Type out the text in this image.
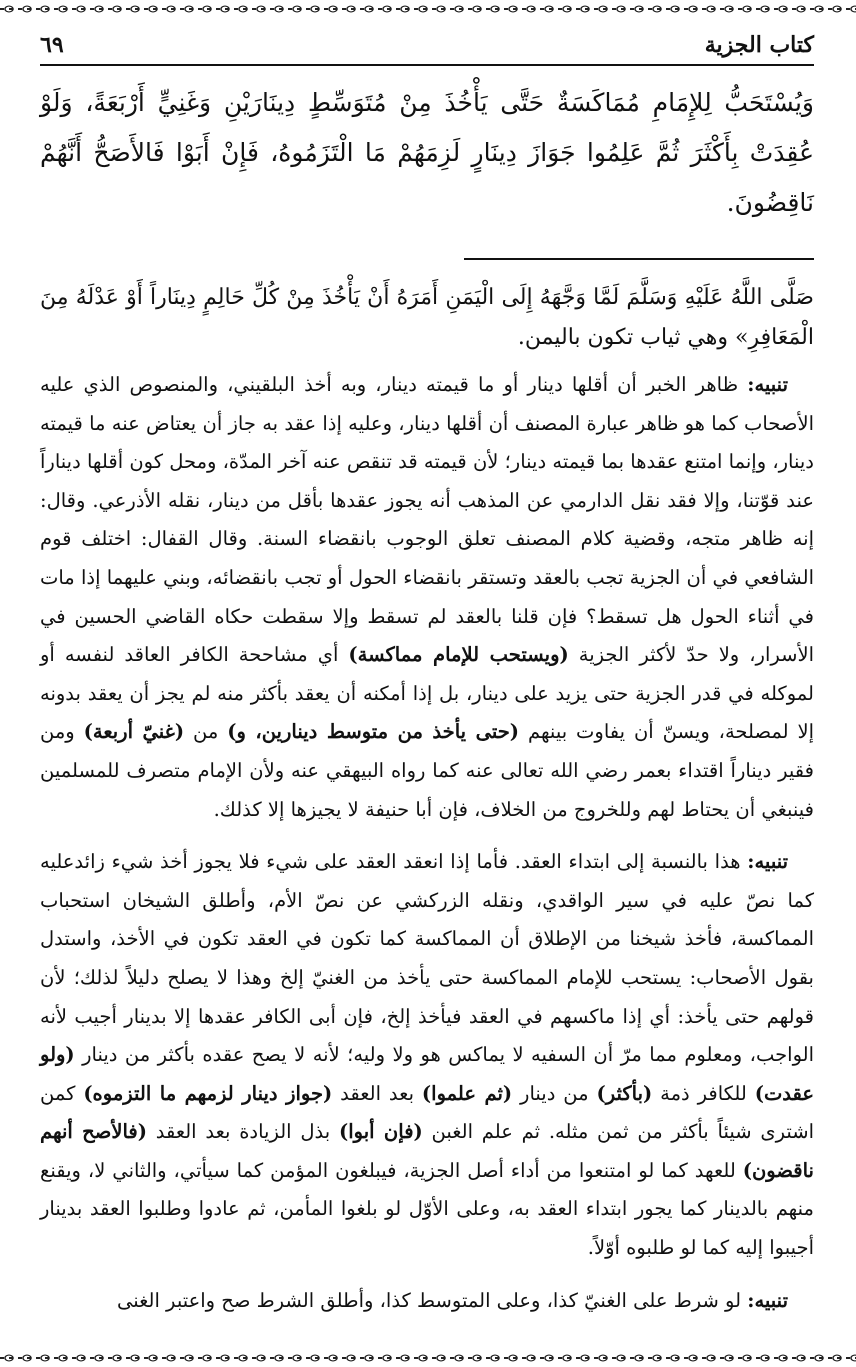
كتاب الجزية
٦٩

وَيُسْتَحَبُّ لِلإِمَامِ مُمَاكَسَةٌ حَتَّى يَأْخُذَ مِنْ مُتَوَسِّطٍ دِينَارَيْنِ وَغَنِيٍّ أَرْبَعَةً، وَلَوْ عُقِدَتْ بِأَكْثَرَ ثُمَّ عَلِمُوا جَوَازَ دِينَارٍ لَزِمَهُمْ مَا الْتَزَمُوهُ، فَإِنْ أَبَوْا فَالأَصَحُّ أَنَّهُمْ نَاقِضُونَ.

صَلَّى اللَّهُ عَلَيْهِ وَسَلَّمَ لَمَّا وَجَّهَهُ إِلَى الْيَمَنِ أَمَرَهُ أَنْ يَأْخُذَ مِنْ كُلِّ حَالِمٍ دِينَاراً أَوْ عَدْلَهُ مِنَ الْمَعَافِرِ» وهي ثياب تكون باليمن.

تنبيه: ظاهر الخبر أن أقلها دينار أو ما قيمته دينار، وبه أخذ البلقيني، والمنصوص الذي عليه الأصحاب كما هو ظاهر عبارة المصنف أن أقلها دينار، وعليه إذا عقد به جاز أن يعتاض عنه ما قيمته دينار، وإنما امتنع عقدها بما قيمته دينار؛ لأن قيمته قد تنقص عنه آخر المدّة، ومحل كون أقلها ديناراً عند قوّتنا، وإلا فقد نقل الدارمي عن المذهب أنه يجوز عقدها بأقل من دينار، نقله الأذرعي. وقال: إنه ظاهر متجه، وقضية كلام المصنف تعلق الوجوب بانقضاء السنة. وقال القفال: اختلف قوم الشافعي في أن الجزية تجب بالعقد وتستقر بانقضاء الحول أو تجب بانقضائه، وبني عليهما إذا مات في أثناء الحول هل تسقط؟ فإن قلنا بالعقد لم تسقط وإلا سقطت حكاه القاضي الحسين في الأسرار، ولا حدّ لأكثر الجزية (ويستحب للإمام مماكسة) أي مشاححة الكافر العاقد لنفسه أو لموكله في قدر الجزية حتى يزيد على دينار، بل إذا أمكنه أن يعقد بأكثر منه لم يجز أن يعقد بدونه إلا لمصلحة، ويسنّ أن يفاوت بينهم (حتى يأخذ من متوسط دينارين، و) من (غنيّ أربعة) ومن فقير ديناراً اقتداء بعمر رضي الله تعالى عنه كما رواه البيهقي عنه ولأن الإمام متصرف للمسلمين فينبغي أن يحتاط لهم وللخروج من الخلاف، فإن أبا حنيفة لا يجيزها إلا كذلك.

تنبيه: هذا بالنسبة إلى ابتداء العقد. فأما إذا انعقد العقد على شيء فلا يجوز أخذ شيء زائدعليه كما نصّ عليه في سير الواقدي، ونقله الزركشي عن نصّ الأم، وأطلق الشيخان استحباب المماكسة، فأخذ شيخنا من الإطلاق أن المماكسة كما تكون في العقد تكون في الأخذ، واستدل بقول الأصحاب: يستحب للإمام المماكسة حتى يأخذ من الغنيّ إلخ وهذا لا يصلح دليلاً لذلك؛ لأن قولهم حتى يأخذ: أي إذا ماكسهم في العقد فيأخذ إلخ، فإن أبى الكافر عقدها إلا بدينار أجيب لأنه الواجب، ومعلوم مما مرّ أن السفيه لا يماكس هو ولا وليه؛ لأنه لا يصح عقده بأكثر من دينار (ولو عقدت) للكافر ذمة (بأكثر) من دينار (ثم علموا) بعد العقد (جواز دينار لزمهم ما التزموه) كمن اشترى شيئاً بأكثر من ثمن مثله. ثم علم الغبن (فإن أبوا) بذل الزيادة بعد العقد (فالأصح أنهم ناقضون) للعهد كما لو امتنعوا من أداء أصل الجزية، فيبلغون المؤمن كما سيأتي، والثاني لا، ويقنع منهم بالدينار كما يجور ابتداء العقد به، وعلى الأوّل لو بلغوا المأمن، ثم عادوا وطلبوا العقد بدينار أجيبوا إليه كما لو طلبوه أوّلاً.

تنبيه: لو شرط على الغنيّ كذا، وعلى المتوسط كذا، وأطلق الشرط صح واعتبر الغنى
